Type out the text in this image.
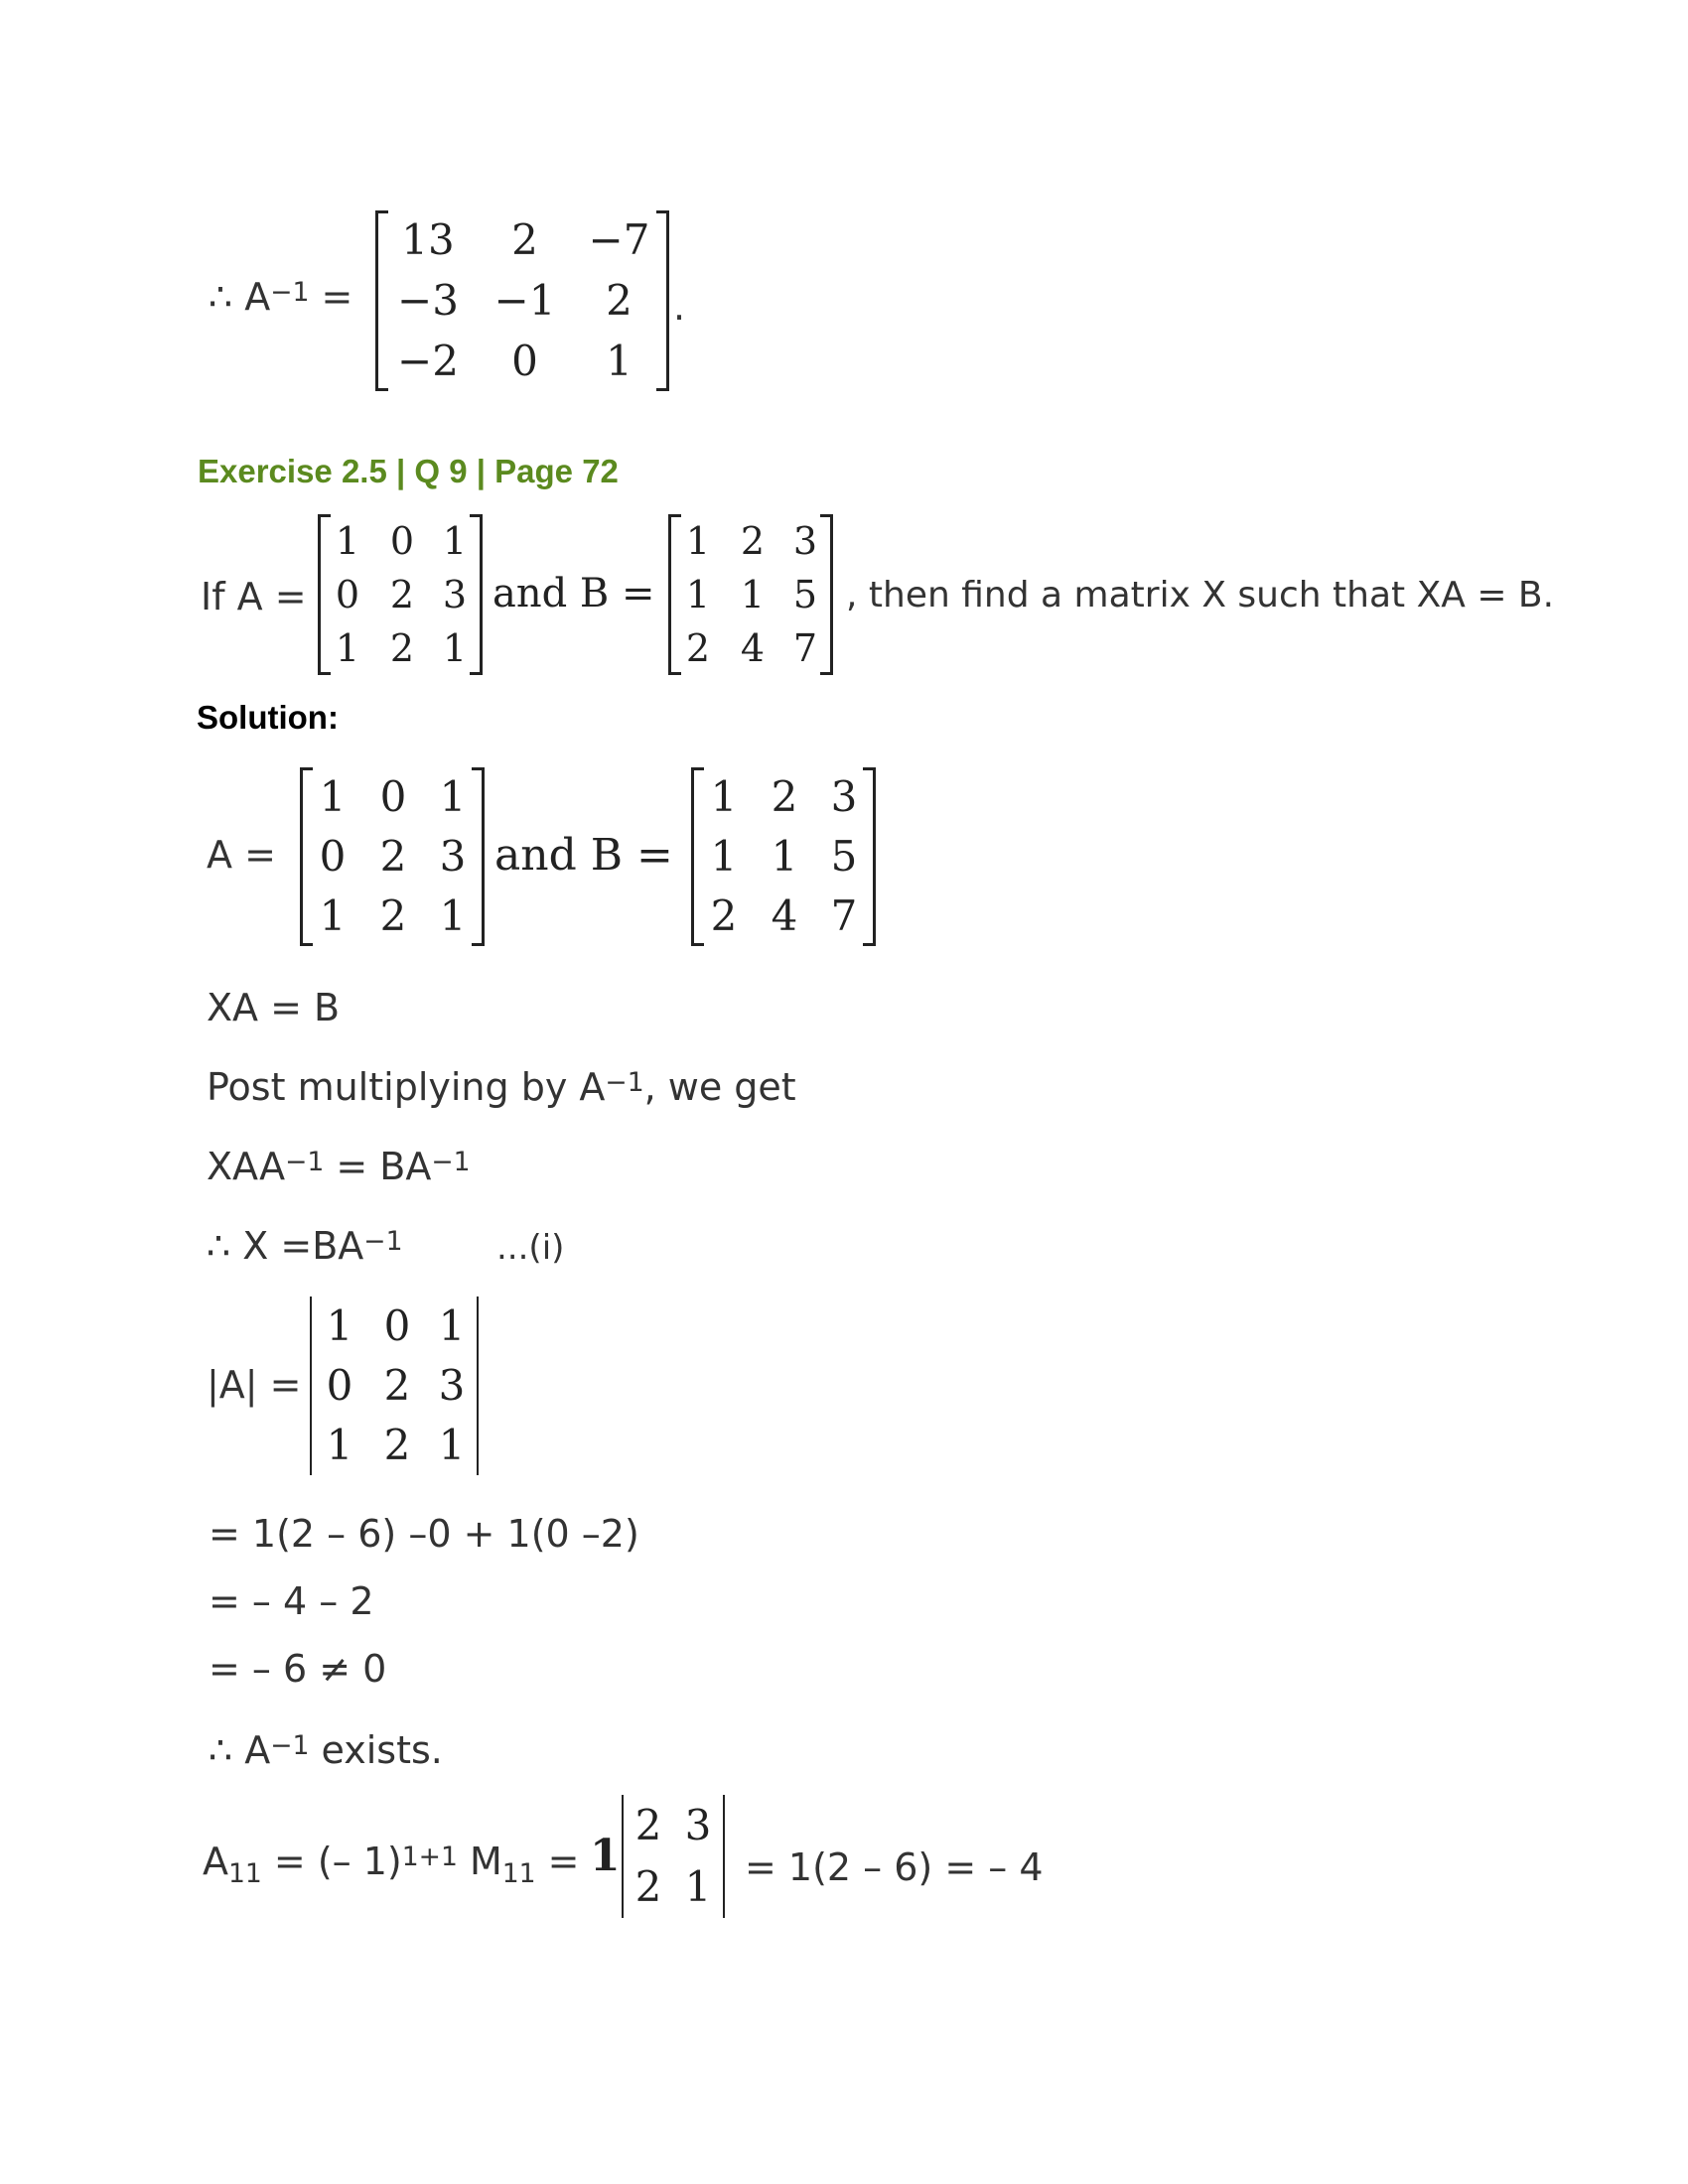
∴ $A^{-1}$ =
13 2 −7
−3 −1 2
−2 0 1
.
Exercise 2.5 | Q 9 | Page 72
If A =
1 0 1
0 2 3
1 2 1
and B =
1 2 3
1 1 5
2 4 7
, then find a matrix X such that XA = B.
Solution:
A =
1 0 1
0 2 3
1 2 1
and B =
1 2 3
1 1 5
2 4 7
XA = B
Post multiplying by $A^{-1}$, we get
$XAA^{-1} = BA^{-1}$
∴ $X =BA^{-1}$	...(i)
|A| =
1 0 1
0 2 3
1 2 1
= 1(2 – 6) –0 + 1(0 –2)
= – 4 – 2
= – 6 ≠ 0
∴ $A^{-1}$ exists.
$A_{11}$ = (– 1)$^{1+1}$ $M_{11} = 1$
2 3
2 1 = 1(2 – 6) = – 4
